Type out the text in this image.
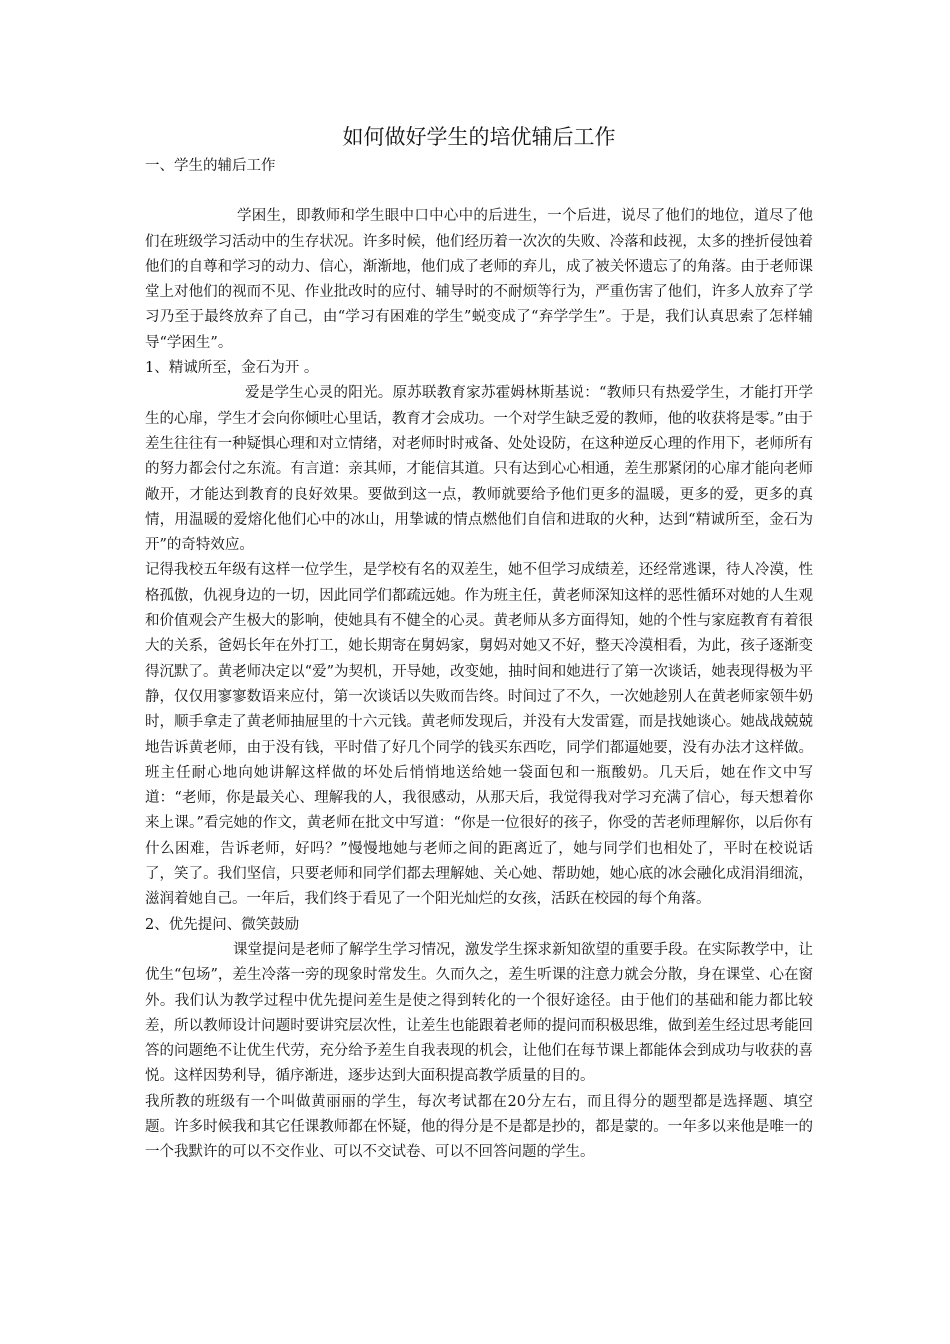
如何做好学生的培优辅后工作

一、学生的辅后工作

学困生，即教师和学生眼中口中心中的后进生，一个后进，说尽了他们的地位，道尽了他们在班级学习活动中的生存状况。许多时候，他们经历着一次次的失败、冷落和歧视，太多的挫折侵蚀着他们的自尊和学习的动力、信心，渐渐地，他们成了老师的弃儿，成了被关怀遗忘了的角落。由于老师课堂上对他们的视而不见、作业批改时的应付、辅导时的不耐烦等行为，严重伤害了他们，许多人放弃了学习乃至于最终放弃了自己，由“学习有困难的学生”蜕变成了“弃学学生”。于是，我们认真思索了怎样辅导“学困生”。

1、精诚所至，金石为开 。

爱是学生心灵的阳光。原苏联教育家苏霍姆林斯基说：“教师只有热爱学生，才能打开学生的心扉，学生才会向你倾吐心里话，教育才会成功。一个对学生缺乏爱的教师，他的收获将是零。”由于差生往往有一种疑惧心理和对立情绪，对老师时时戒备、处处设防，在这种逆反心理的作用下，老师所有的努力都会付之东流。有言道：亲其师，才能信其道。只有达到心心相通，差生那紧闭的心扉才能向老师敞开，才能达到教育的良好效果。要做到这一点，教师就要给予他们更多的温暖，更多的爱，更多的真情，用温暖的爱熔化他们心中的冰山，用挚诚的情点燃他们自信和进取的火种，达到“精诚所至，金石为开”的奇特效应。

记得我校五年级有这样一位学生，是学校有名的双差生，她不但学习成绩差，还经常逃课，待人冷漠，性格孤傲，仇视身边的一切，因此同学们都疏远她。作为班主任，黄老师深知这样的恶性循环对她的人生观和价值观会产生极大的影响，使她具有不健全的心灵。黄老师从多方面得知，她的个性与家庭教育有着很大的关系，爸妈长年在外打工，她长期寄在舅妈家，舅妈对她又不好，整天冷漠相看，为此，孩子逐渐变得沉默了。黄老师决定以“爱”为契机，开导她，改变她，抽时间和她进行了第一次谈话，她表现得极为平静，仅仅用寥寥数语来应付，第一次谈话以失败而告终。时间过了不久，一次她趁别人在黄老师家领牛奶时，顺手拿走了黄老师抽屉里的十六元钱。黄老师发现后，并没有大发雷霆，而是找她谈心。她战战兢兢地告诉黄老师，由于没有钱，平时借了好几个同学的钱买东西吃，同学们都逼她要，没有办法才这样做。班主任耐心地向她讲解这样做的坏处后悄悄地送给她一袋面包和一瓶酸奶。几天后，她在作文中写道：“老师，你是最关心、理解我的人，我很感动，从那天后，我觉得我对学习充满了信心，每天想着你来上课。”看完她的作文，黄老师在批文中写道：“你是一位很好的孩子，你受的苦老师理解你，以后你有什么困难，告诉老师，好吗？”慢慢地她与老师之间的距离近了，她与同学们也相处了，平时在校说话了，笑了。我们坚信，只要老师和同学们都去理解她、关心她、帮助她，她心底的冰会融化成涓涓细流，滋润着她自己。一年后，我们终于看见了一个阳光灿烂的女孩，活跃在校园的每个角落。

2、优先提问、微笑鼓励

课堂提问是老师了解学生学习情况，激发学生探求新知欲望的重要手段。在实际教学中，让优生“包场”，差生冷落一旁的现象时常发生。久而久之，差生听课的注意力就会分散，身在课堂、心在窗外。我们认为教学过程中优先提问差生是使之得到转化的一个很好途径。由于他们的基础和能力都比较差，所以教师设计问题时要讲究层次性，让差生也能跟着老师的提问而积极思维，做到差生经过思考能回答的问题绝不让优生代劳，充分给予差生自我表现的机会，让他们在每节课上都能体会到成功与收获的喜悦。这样因势利导，循序渐进，逐步达到大面积提高教学质量的目的。

我所教的班级有一个叫做黄丽丽的学生，每次考试都在20分左右，而且得分的题型都是选择题、填空题。许多时候我和其它任课教师都在怀疑，他的得分是不是都是抄的，都是蒙的。一年多以来他是唯一的一个我默许的可以不交作业、可以不交试卷、可以不回答问题的学生。
